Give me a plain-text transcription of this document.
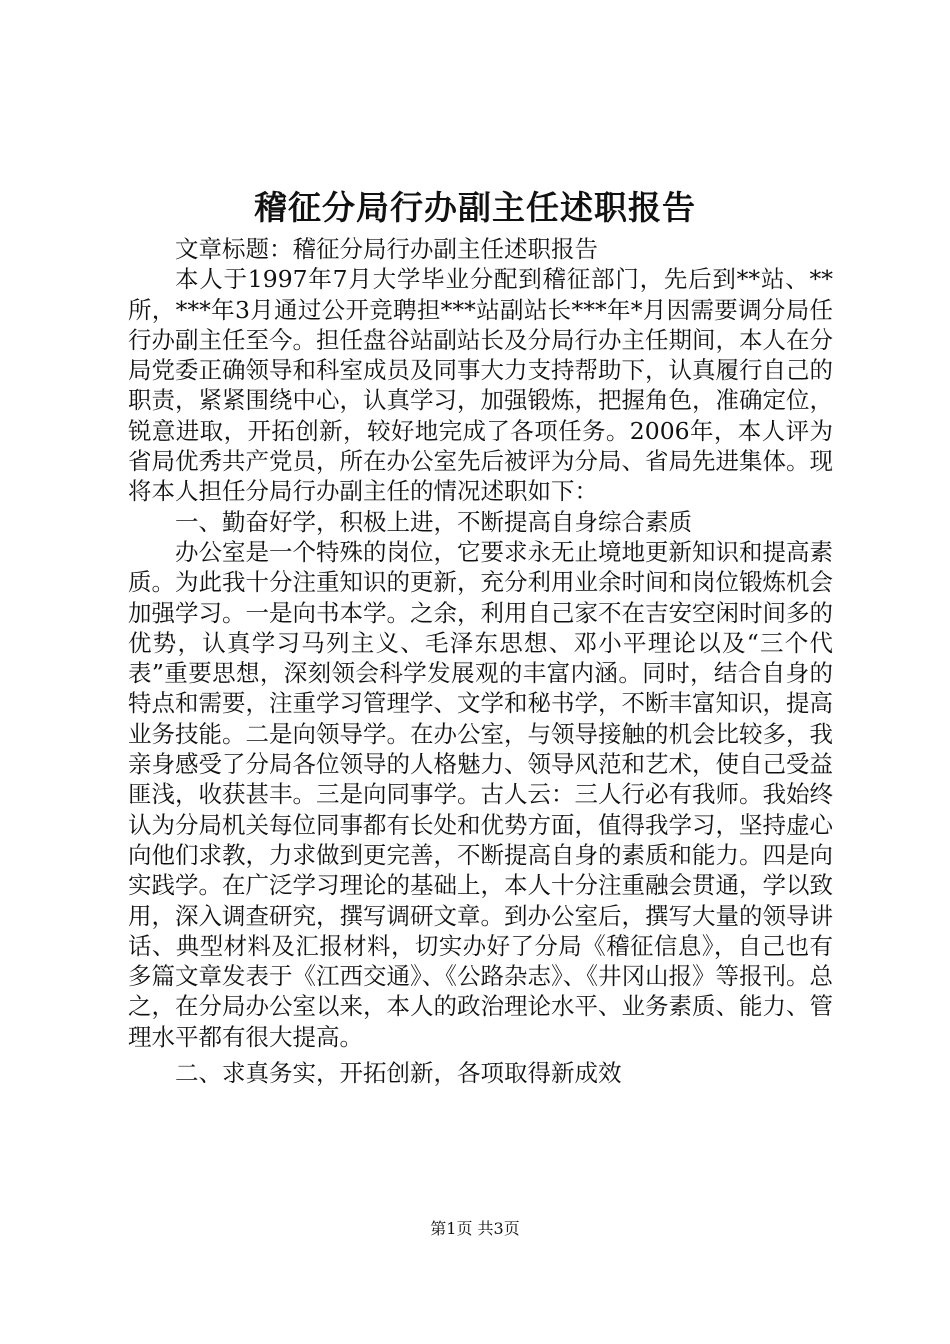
稽征分局行办副主任述职报告

文章标题：稽征分局行办副主任述职报告

本人于1997年7月大学毕业分配到稽征部门，先后到**站、**所，***年3月通过公开竞聘担***站副站长***年*月因需要调分局任行办副主任至今。担任盘谷站副站长及分局行办主任期间，本人在分局党委正确领导和科室成员及同事大力支持帮助下，认真履行自己的职责，紧紧围绕中心，认真学习，加强锻炼，把握角色，准确定位，锐意进取，开拓创新，较好地完成了各项任务。2006年，本人评为省局优秀共产党员，所在办公室先后被评为分局、省局先进集体。现将本人担任分局行办副主任的情况述职如下：

一、勤奋好学，积极上进，不断提高自身综合素质

办公室是一个特殊的岗位，它要求永无止境地更新知识和提高素质。为此我十分注重知识的更新，充分利用业余时间和岗位锻炼机会加强学习。一是向书本学。之余，利用自己家不在吉安空闲时间多的优势，认真学习马列主义、毛泽东思想、邓小平理论以及“三个代表”重要思想，深刻领会科学发展观的丰富内涵。同时，结合自身的特点和需要，注重学习管理学、文学和秘书学，不断丰富知识，提高业务技能。二是向领导学。在办公室，与领导接触的机会比较多，我亲身感受了分局各位领导的人格魅力、领导风范和艺术，使自己受益匪浅，收获甚丰。三是向同事学。古人云：三人行必有我师。我始终认为分局机关每位同事都有长处和优势方面，值得我学习，坚持虚心向他们求教，力求做到更完善，不断提高自身的素质和能力。四是向实践学。在广泛学习理论的基础上，本人十分注重融会贯通，学以致用，深入调查研究，撰写调研文章。到办公室后，撰写大量的领导讲话、典型材料及汇报材料，切实办好了分局《稽征信息》，自己也有多篇文章发表于《江西交通》、《公路杂志》、《井冈山报》等报刊。总之，在分局办公室以来，本人的政治理论水平、业务素质、能力、管理水平都有很大提高。

二、求真务实，开拓创新，各项取得新成效

第1页 共3页
